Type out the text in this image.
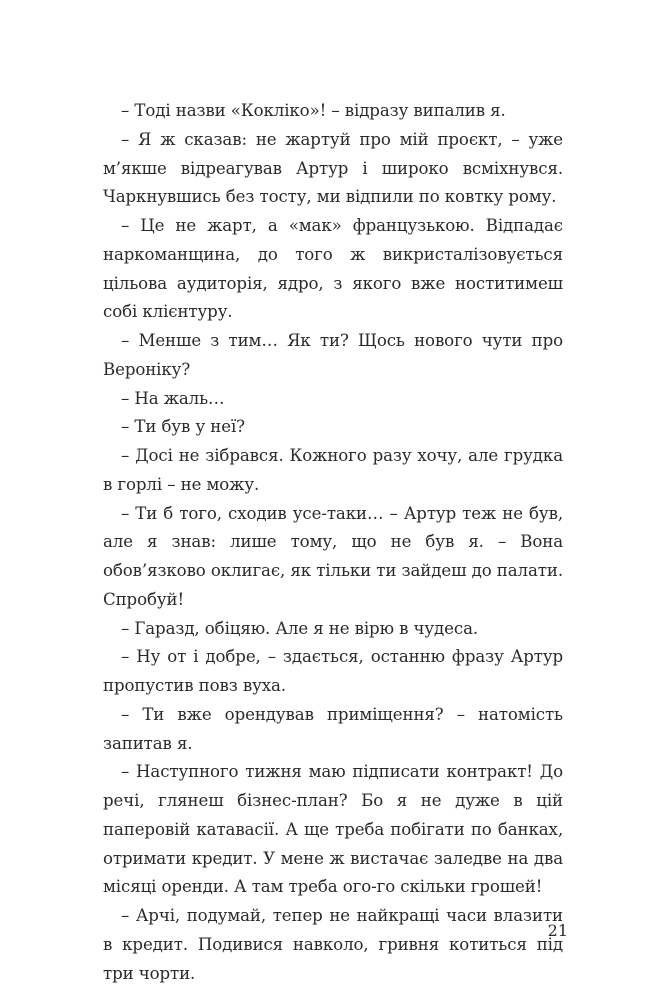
– Тоді назви «Кокліко»! – відразу випалив я.

– Я ж сказав: не жартуй про мій проєкт, – уже м’якше відреагував Артур і широко всміхнувся. Чаркнувшись без тосту, ми відпили по ковтку рому.

– Це не жарт, а «мак» французькою. Відпадає наркоманщина, до того ж викристалізовується цільова аудиторія, ядро, з якого вже ноститимеш собі клієнтуру.

– Менше з тим… Як ти? Щось нового чути про Вероніку?

– На жаль…

– Ти був у неї?

– Досі не зібрався. Кожного разу хочу, але грудка в горлі – не можу.

– Ти б того, сходив усе-таки… – Артур теж не був, але я знав: лише тому, що не був я. – Вона обов’язково оклигає, як тільки ти зайдеш до палати. Спробуй!

– Гаразд, обіцяю. Але я не вірю в чудеса.

– Ну от і добре, – здається, останню фразу Артур пропустив повз вуха.

– Ти вже орендував приміщення? – натомість запитав я.

– Наступного тижня маю підписати контракт! До речі, глянеш бізнес-план? Бо я не дуже в цій паперовій катавасії. А ще треба побігати по банках, отримати кредит. У мене ж вистачає заледве на два місяці оренди. А там треба ого-го скільки грошей!

– Арчі, подумай, тепер не найкращі часи влазити в кредит. Подивися навколо, гривня котиться під три чорти.

21
